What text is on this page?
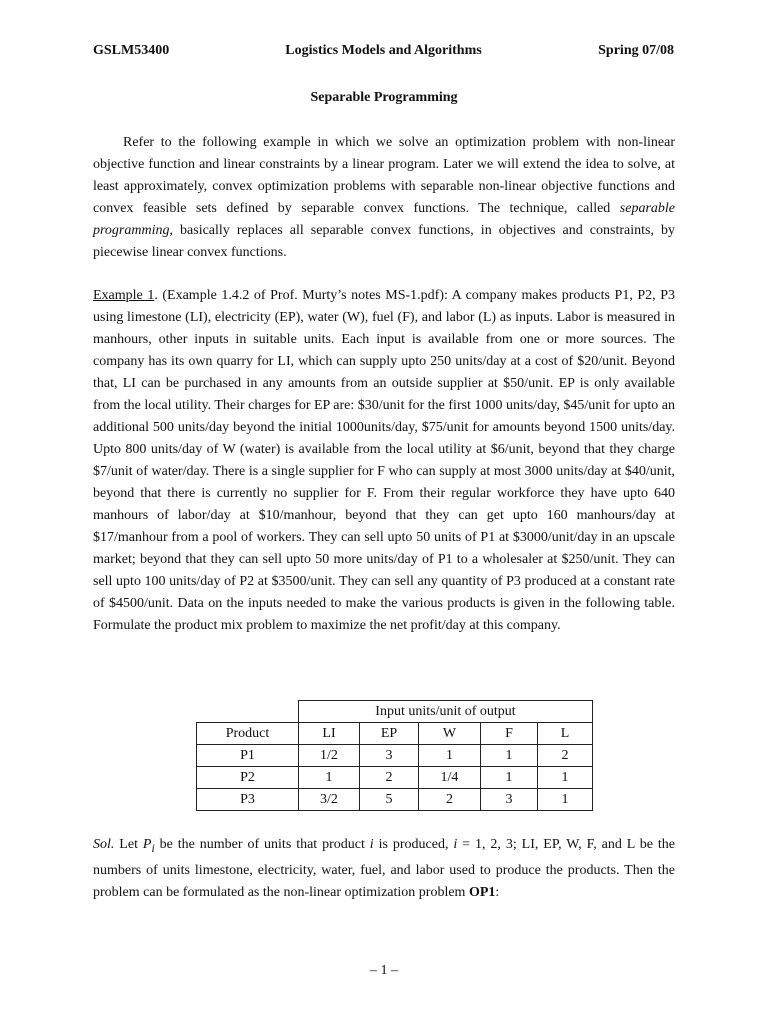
GSLM53400	Logistics Models and Algorithms	Spring 07/08
Separable Programming

Refer to the following example in which we solve an optimization problem with non-linear objective function and linear constraints by a linear program. Later we will extend the idea to solve, at least approximately, convex optimization problems with separable non-linear objective functions and convex feasible sets defined by separable convex functions. The technique, called separable programming, basically replaces all separable convex functions, in objectives and constraints, by piecewise linear convex functions.

Example 1. (Example 1.4.2 of Prof. Murty’s notes MS-1.pdf): A company makes products P1, P2, P3 using limestone (LI), electricity (EP), water (W), fuel (F), and labor (L) as inputs. Labor is measured in manhours, other inputs in suitable units. Each input is available from one or more sources. The company has its own quarry for LI, which can supply upto 250 units/day at a cost of $20/unit. Beyond that, LI can be purchased in any amounts from an outside supplier at $50/unit. EP is only available from the local utility. Their charges for EP are: $30/unit for the first 1000 units/day, $45/unit for upto an additional 500 units/day beyond the initial 1000units/day, $75/unit for amounts beyond 1500 units/day. Upto 800 units/day of W (water) is available from the local utility at $6/unit, beyond that they charge $7/unit of water/day. There is a single supplier for F who can supply at most 3000 units/day at $40/unit, beyond that there is currently no supplier for F. From their regular workforce they have upto 640 manhours of labor/day at $10/manhour, beyond that they can get upto 160 manhours/day at $17/manhour from a pool of workers. They can sell upto 50 units of P1 at $3000/unit/day in an upscale market; beyond that they can sell upto 50 more units/day of P1 to a wholesaler at $250/unit. They can sell upto 100 units/day of P2 at $3500/unit. They can sell any quantity of P3 produced at a constant rate of $4500/unit. Data on the inputs needed to make the various products is given in the following table. Formulate the product mix problem to maximize the net profit/day at this company.

	Input units/unit of output				
Product	LI	EP	W	F	L
P1	1/2	3	1	1	2
P2	1	2	1/4	1	1
P3	3/2	5	2	3	1

Sol. Let $P_i$ be the number of units that product i is produced, i = 1, 2, 3; LI, EP, W, F, and L be the numbers of units limestone, electricity, water, fuel, and labor used to produce the products. Then the problem can be formulated as the non-linear optimization problem OP1:

– 1 –
